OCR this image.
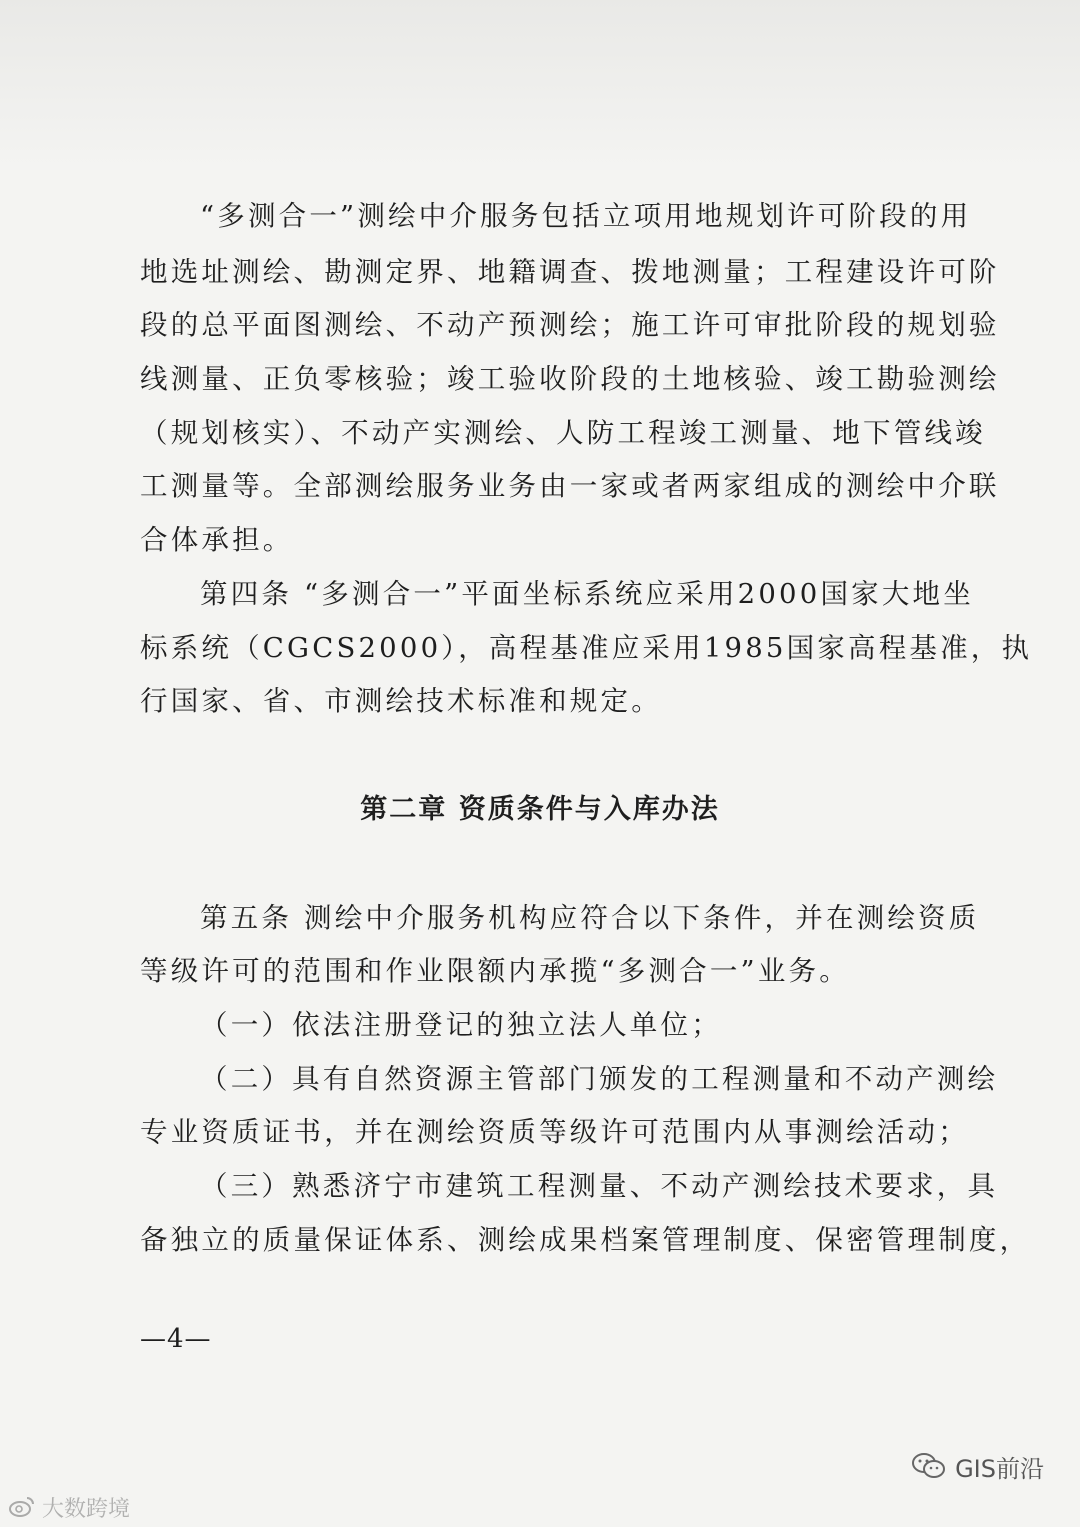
“多测合一”测绘中介服务包括立项用地规划许可阶段的用
地选址测绘、勘测定界、地籍调查、拨地测量；工程建设许可阶
段的总平面图测绘、不动产预测绘；施工许可审批阶段的规划验
线测量、正负零核验；竣工验收阶段的土地核验、竣工勘验测绘
（规划核实）、不动产实测绘、人防工程竣工测量、地下管线竣
工测量等。全部测绘服务业务由一家或者两家组成的测绘中介联
合体承担。
第四条 “多测合一”平面坐标系统应采用2000国家大地坐
标系统（CGCS2000），高程基准应采用1985国家高程基准，执
行国家、省、市测绘技术标准和规定。
第二章 资质条件与入库办法
第五条 测绘中介服务机构应符合以下条件，并在测绘资质
等级许可的范围和作业限额内承揽“多测合一”业务。
（一）依法注册登记的独立法人单位；
（二）具有自然资源主管部门颁发的工程测量和不动产测绘
专业资质证书，并在测绘资质等级许可范围内从事测绘活动；
（三）熟悉济宁市建筑工程测量、不动产测绘技术要求，具
备独立的质量保证体系、测绘成果档案管理制度、保密管理制度，
—4—
大数跨境
GIS前沿
